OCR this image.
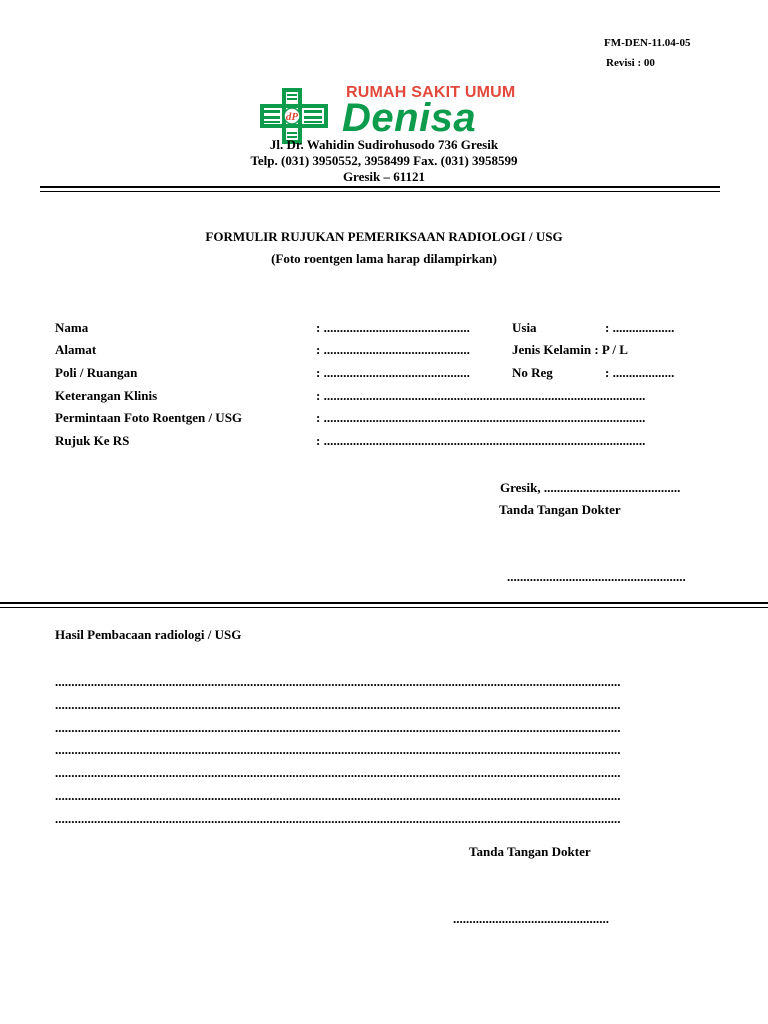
FM-DEN-11.04-05
Revisi : 00
dP
RUMAH SAKIT UMUM
Denisa
Jl. Dr. Wahidin Sudirohusodo 736 Gresik
Telp. (031) 3950552, 3958499 Fax. (031) 3958599
Gresik – 61121
FORMULIR RUJUKAN PEMERIKSAAN RADIOLOGI / USG
(Foto roentgen lama harap dilampirkan)
Nama	: .............................................	Usia	: ...................
Alamat	: .............................................	Jenis Kelamin : P / L
Poli / Ruangan	: .............................................	No Reg	: ...................
Keterangan Klinis	: ...................................................................................................
Permintaan Foto Roentgen / USG	: ...................................................................................................
Rujuk Ke RS	: ...................................................................................................
Gresik, ..........................................
Tanda Tangan Dokter
.......................................................
Hasil Pembacaan radiologi / USG
..............................................................................................................................................................................
..............................................................................................................................................................................
..............................................................................................................................................................................
..............................................................................................................................................................................
..............................................................................................................................................................................
..............................................................................................................................................................................
..............................................................................................................................................................................
Tanda Tangan Dokter
................................................
